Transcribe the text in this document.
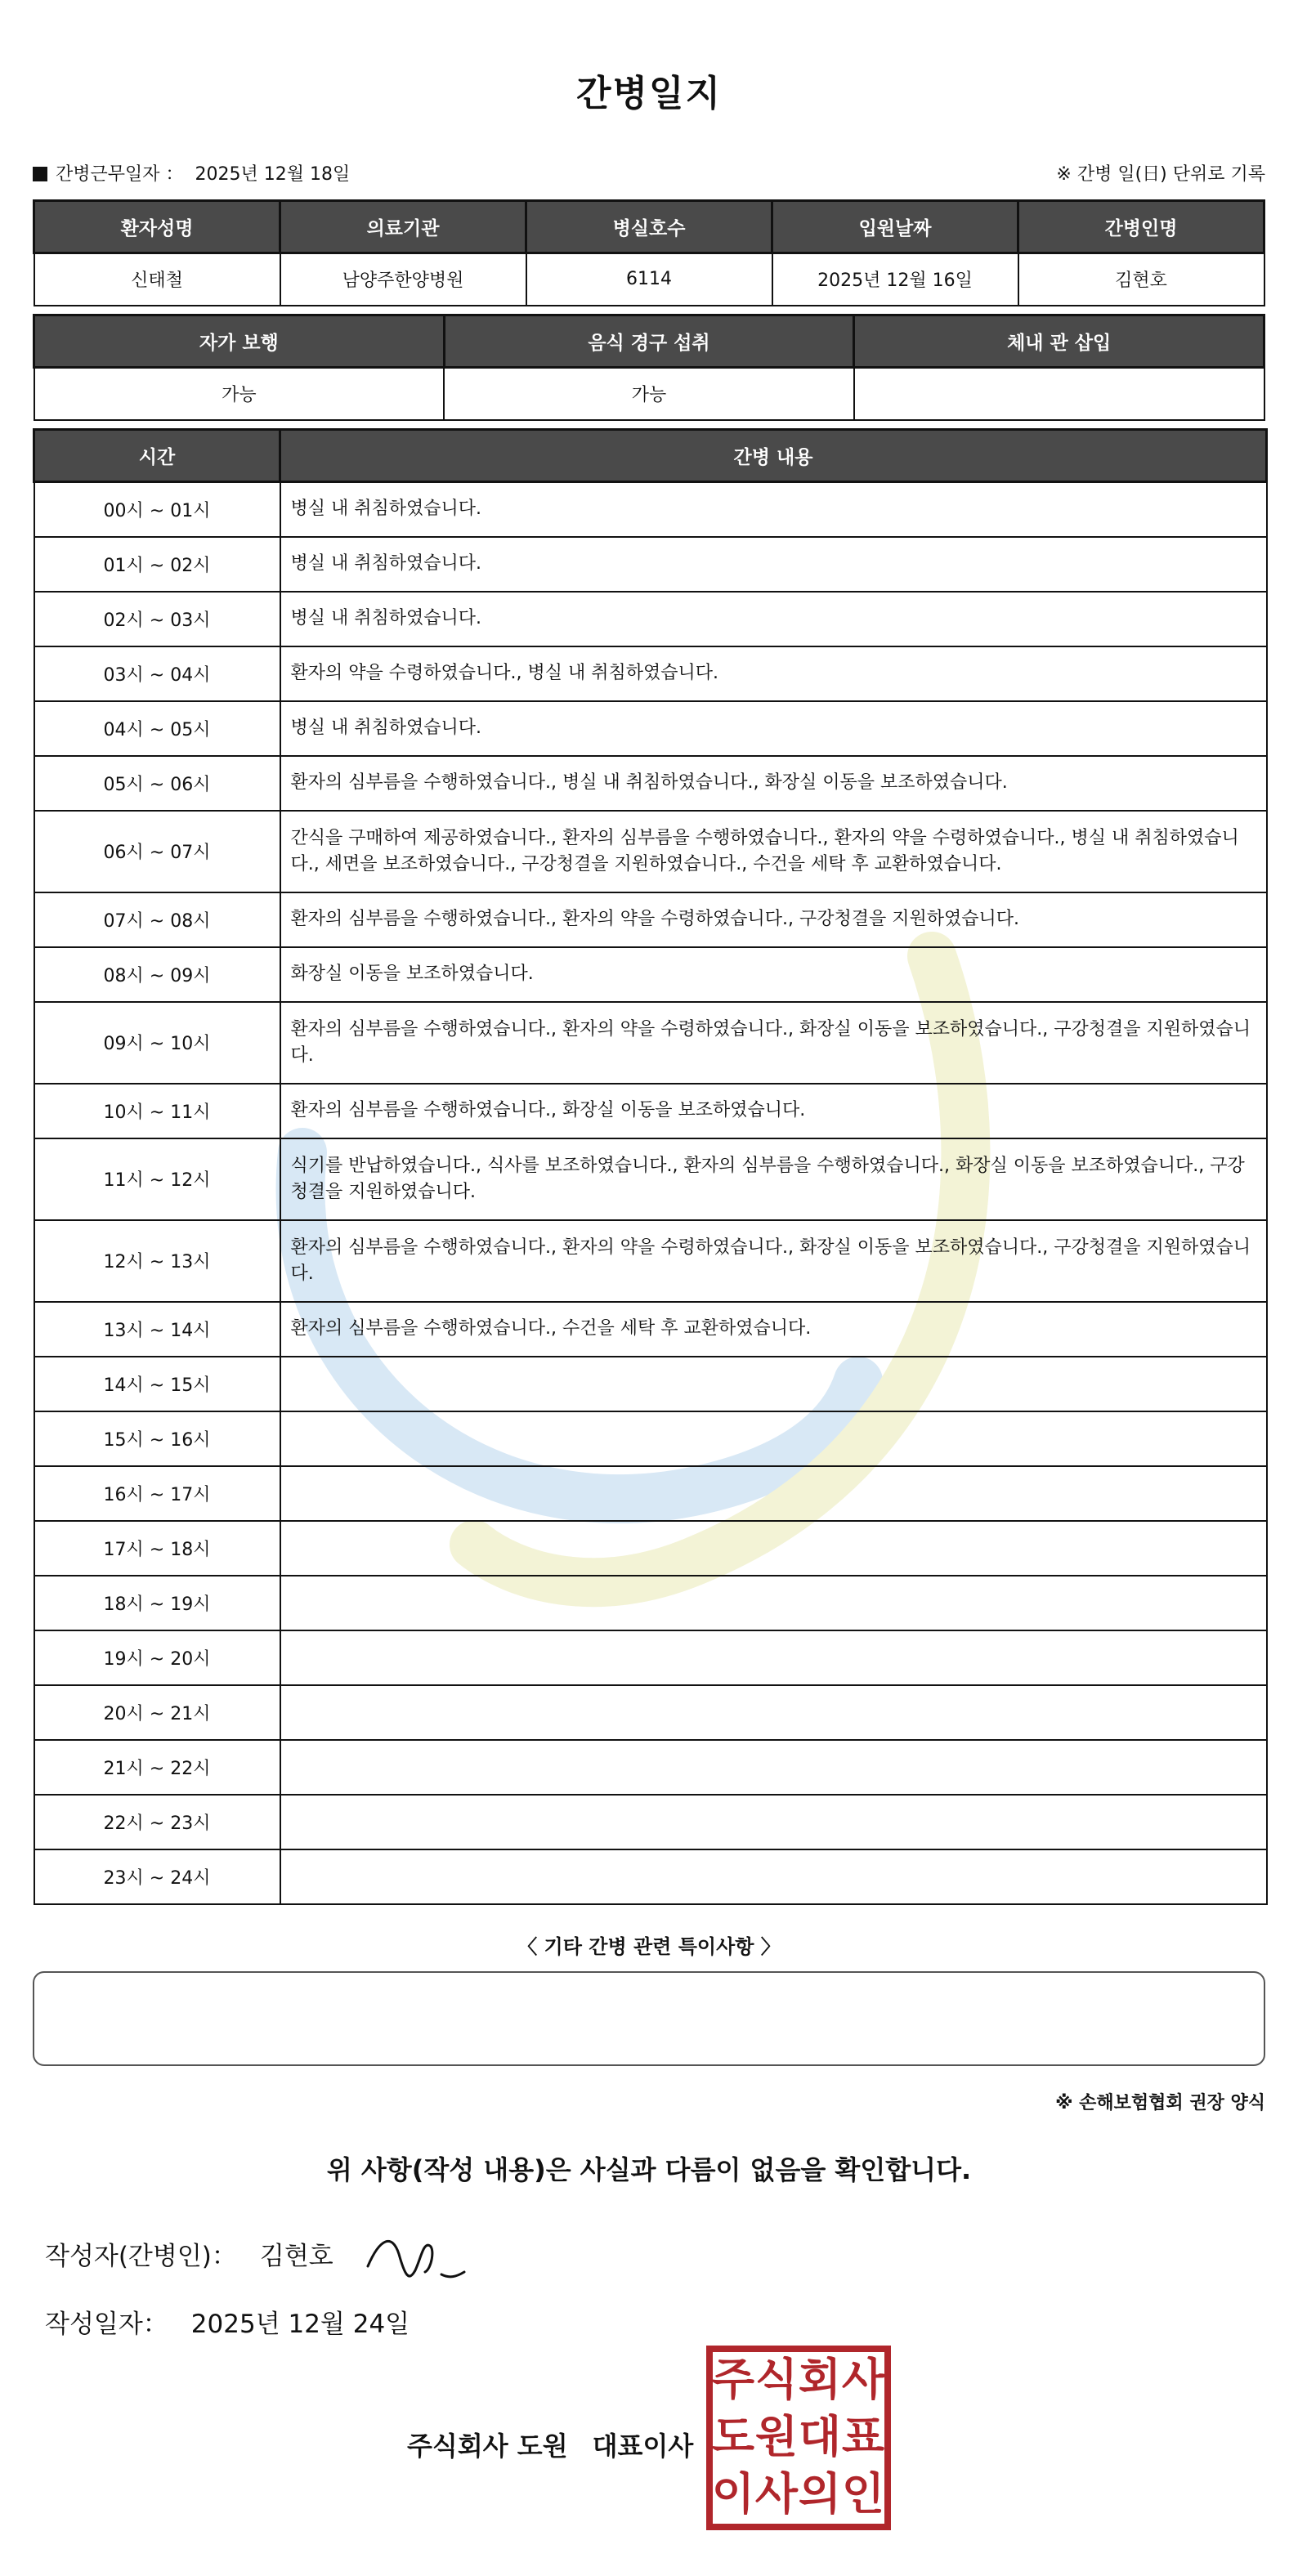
간병일지
간병근무일자 ： 2025년 12월 18일	※ 간병 일(日) 단위로 기록
환자성명	의료기관	병실호수	입원날짜	간병인명
신태철	남양주한양병원	6114	2025년 12월 16일	김현호
자가 보행	음식 경구 섭취	체내 관 삽입
가능	가능	
시간	간병 내용
00시 ~ 01시	병실 내 취침하였습니다.
01시 ~ 02시	병실 내 취침하였습니다.
02시 ~ 03시	병실 내 취침하였습니다.
03시 ~ 04시	환자의 약을 수령하였습니다., 병실 내 취침하였습니다.
04시 ~ 05시	병실 내 취침하였습니다.
05시 ~ 06시	환자의 심부름을 수행하였습니다., 병실 내 취침하였습니다., 화장실 이동을 보조하였습니다.
06시 ~ 07시	간식을 구매하여 제공하였습니다., 환자의 심부름을 수행하였습니다., 환자의 약을 수령하였습니다., 병실 내 취침하였습니다., 세면을 보조하였습니다., 구강청결을 지원하였습니다., 수건을 세탁 후 교환하였습니다.
07시 ~ 08시	환자의 심부름을 수행하였습니다., 환자의 약을 수령하였습니다., 구강청결을 지원하였습니다.
08시 ~ 09시	화장실 이동을 보조하였습니다.
09시 ~ 10시	환자의 심부름을 수행하였습니다., 환자의 약을 수령하였습니다., 화장실 이동을 보조하였습니다., 구강청결을 지원하였습니다.
10시 ~ 11시	환자의 심부름을 수행하였습니다., 화장실 이동을 보조하였습니다.
11시 ~ 12시	식기를 반납하였습니다., 식사를 보조하였습니다., 환자의 심부름을 수행하였습니다., 화장실 이동을 보조하였습니다., 구강청결을 지원하였습니다.
12시 ~ 13시	환자의 심부름을 수행하였습니다., 환자의 약을 수령하였습니다., 화장실 이동을 보조하였습니다., 구강청결을 지원하였습니다.
13시 ~ 14시	환자의 심부름을 수행하였습니다., 수건을 세탁 후 교환하였습니다.
14시 ~ 15시	
15시 ~ 16시	
16시 ~ 17시	
17시 ~ 18시	
18시 ~ 19시	
19시 ~ 20시	
20시 ~ 21시	
21시 ~ 22시	
22시 ~ 23시	
23시 ~ 24시	
〈 기타 간병 관련 특이사항 〉
※ 손해보험협회 권장 양식
위 사항(작성 내용)은 사실과 다름이 없음을 확인합니다.
작성자(간병인)： 김현호
작성일자： 2025년 12월 24일
주식회사 도원 대표이사
주 식 회 사
도 원 대 표
이 사 의 인
